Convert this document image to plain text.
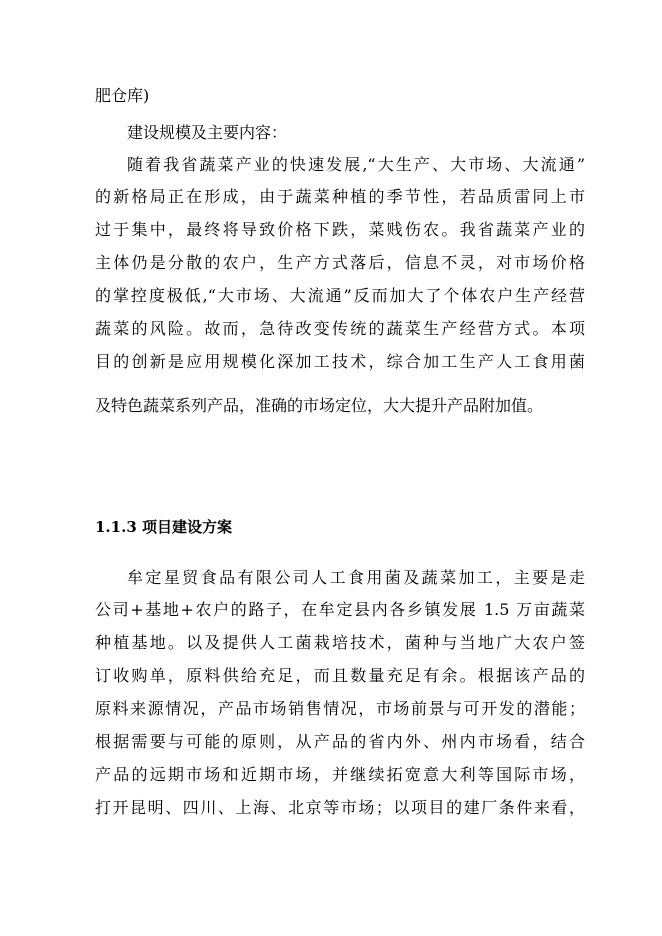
肥仓库)
建设规模及主要内容：
随着我省蔬菜产业的快速发展,“大生产、大市场、大流通”
的新格局正在形成，由于蔬菜种植的季节性，若品质雷同上市
过于集中，最终将导致价格下跌，菜贱伤农。我省蔬菜产业的
主体仍是分散的农户，生产方式落后，信息不灵，对市场价格
的掌控度极低,“大市场、大流通”反而加大了个体农户生产经营
蔬菜的风险。故而，急待改变传统的蔬菜生产经营方式。本项
目的创新是应用规模化深加工技术，综合加工生产人工食用菌
及特色蔬菜系列产品，准确的市场定位，大大提升产品附加值。
1.1.3 项目建设方案
牟定星贸食品有限公司人工食用菌及蔬菜加工，主要是走
公司+基地+农户的路子，在牟定县内各乡镇发展 1.5 万亩蔬菜
种植基地。以及提供人工菌栽培技术，菌种与当地广大农户签
订收购单，原料供给充足，而且数量充足有余。根据该产品的
原料来源情况，产品市场销售情况，市场前景与可开发的潜能；
根据需要与可能的原则，从产品的省内外、州内市场看，结合
产品的远期市场和近期市场，并继续拓宽意大利等国际市场，
打开昆明、四川、上海、北京等市场；以项目的建厂条件来看，
